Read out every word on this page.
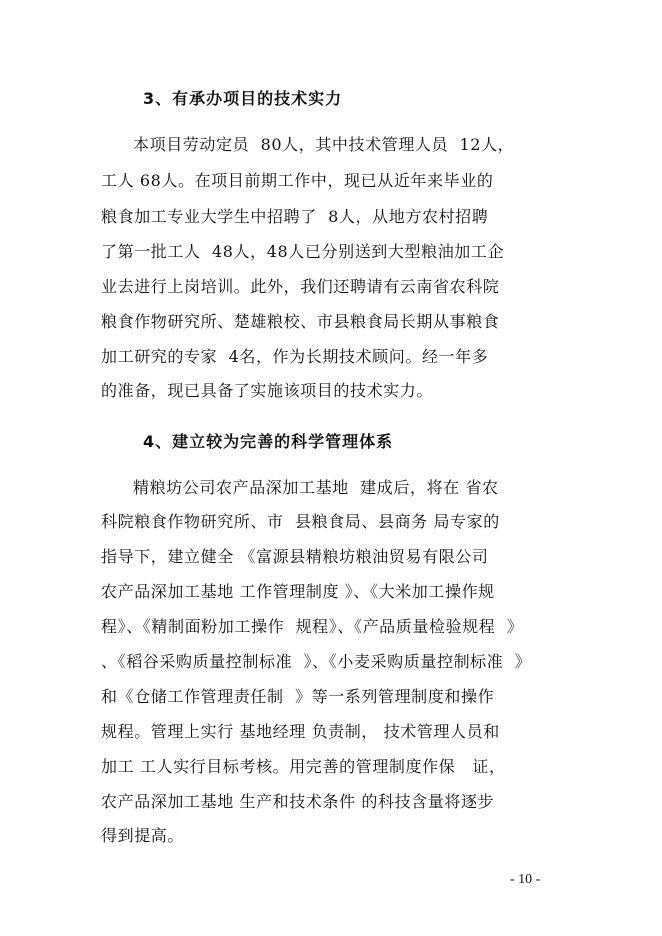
3、有承办项目的技术实力
本项目劳动定员  80人，其中技术管理人员  12人，
工人 68人。在项目前期工作中，现已从近年来毕业的
粮食加工专业大学生中招聘了  8人，从地方农村招聘
了第一批工人  48人，48人已分别送到大型粮油加工企
业去进行上岗培训。此外，我们还聘请有云南省农科院
粮食作物研究所、楚雄粮校、市县粮食局长期从事粮食
加工研究的专家  4名，作为长期技术顾问。经一年多
的准备，现已具备了实施该项目的技术实力。
4、建立较为完善的科学管理体系
精粮坊公司农产品深加工基地  建成后，将在 省农
科院粮食作物研究所、市  县粮食局、县商务 局专家的
指导下，建立健全 《富源县精粮坊粮油贸易有限公司
农产品深加工基地 工作管理制度 》、《大米加工操作规
程》、《精制面粉加工操作  规程》、《产品质量检验规程  》
、《稻谷采购质量控制标准  》、《小麦采购质量控制标准  》
和《仓储工作管理责任制  》等一系列管理制度和操作
规程。管理上实行 基地经理 负责制， 技术管理人员和
加工 工人实行目标考核。用完善的管理制度作保   证，
农产品深加工基地 生产和技术条件 的科技含量将逐步
得到提高。
- 10 -
